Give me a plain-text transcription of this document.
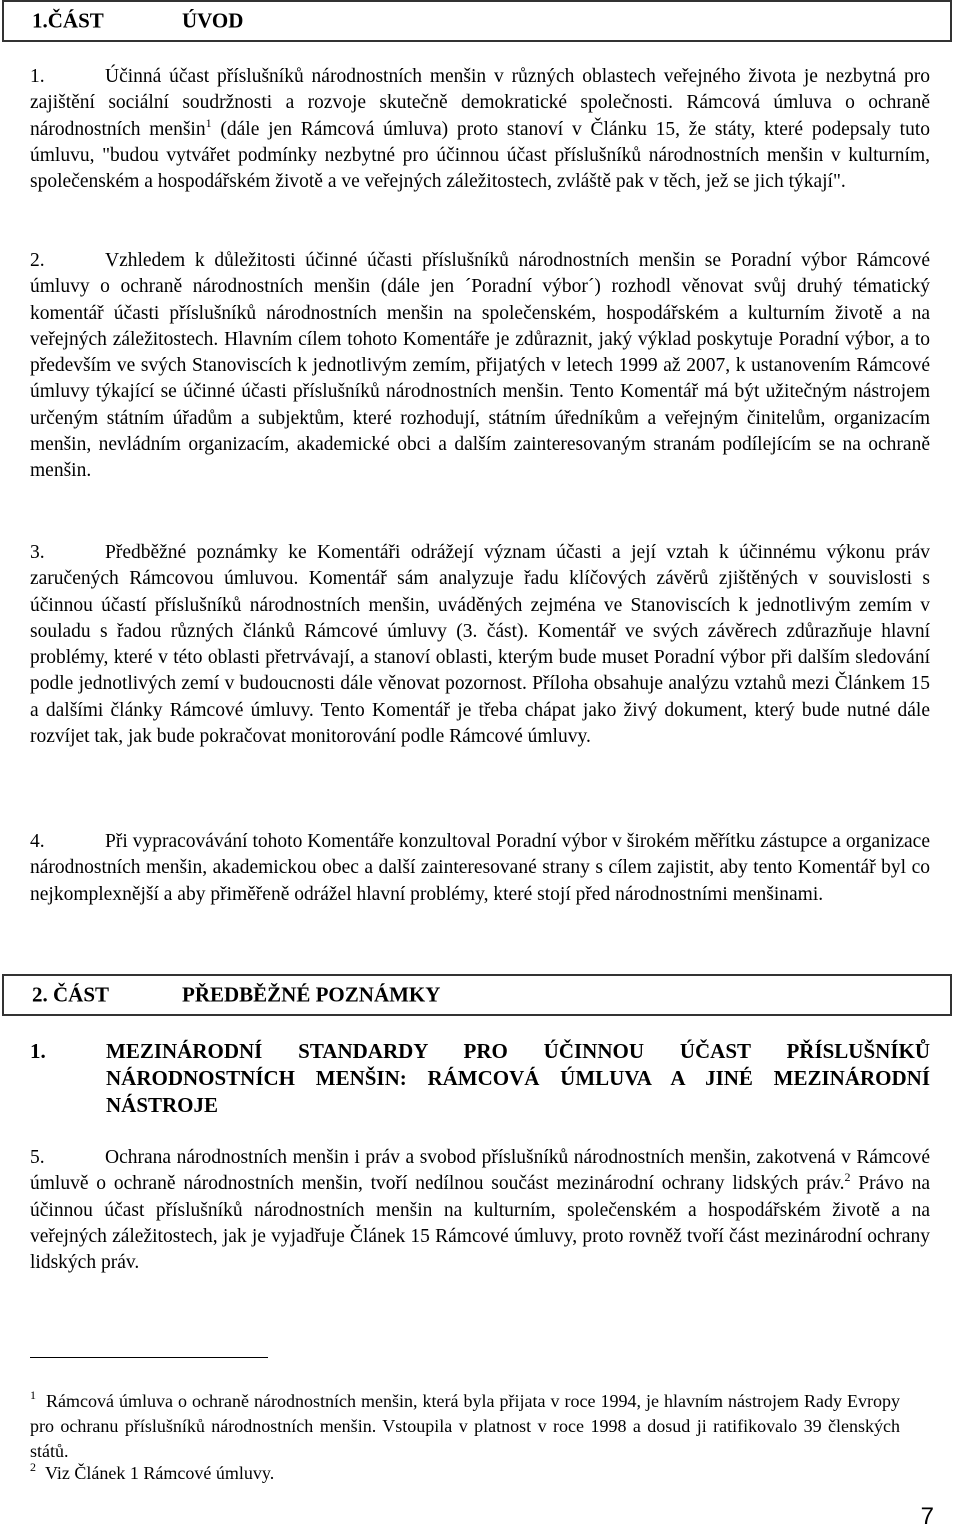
1.ČÁST	ÚVOD

1.	Účinná účast příslušníků národnostních menšin v různých oblastech veřejného života je nezbytná pro zajištění sociální soudržnosti a rozvoje skutečně demokratické společnosti. Rámcová úmluva o ochraně národnostních menšin$^1$ (dále jen Rámcová úmluva) proto stanoví v Článku 15, že státy, které podepsaly tuto úmluvu, "budou vytvářet podmínky nezbytné pro účinnou účast příslušníků národnostních menšin v kulturním, společenském a hospodářském životě a ve veřejných záležitostech, zvláště pak v těch, jež se jich týkají".

2.	Vzhledem k důležitosti účinné účasti příslušníků národnostních menšin se Poradní výbor Rámcové úmluvy o ochraně národnostních menšin (dále jen ´Poradní výbor´) rozhodl věnovat svůj druhý tématický komentář účasti příslušníků národnostních menšin na společenském, hospodářském a kulturním životě a na veřejných záležitostech. Hlavním cílem tohoto Komentáře je zdůraznit, jaký výklad poskytuje Poradní výbor, a to především ve svých Stanoviscích k jednotlivým zemím, přijatých v letech 1999 až 2007, k ustanovením Rámcové úmluvy týkající se účinné účasti příslušníků národnostních menšin. Tento Komentář má být užitečným nástrojem určeným státním úřadům a subjektům, které rozhodují, státním úředníkům a veřejným činitelům, organizacím menšin, nevládním organizacím, akademické obci a dalším zainteresovaným stranám podílejícím se na ochraně menšin.

3.	Předběžné poznámky ke Komentáři odrážejí význam účasti a její vztah k účinnému výkonu práv zaručených Rámcovou úmluvou. Komentář sám analyzuje řadu klíčových závěrů zjištěných v souvislosti s účinnou účastí příslušníků národnostních menšin, uváděných zejména ve Stanoviscích k jednotlivým zemím v souladu s řadou různých článků Rámcové úmluvy (3. část). Komentář ve svých závěrech zdůrazňuje hlavní problémy, které v této oblasti přetrvávají, a stanoví oblasti, kterým bude muset Poradní výbor při dalším sledování podle jednotlivých zemí v budoucnosti dále věnovat pozornost. Příloha obsahuje analýzu vztahů mezi Článkem 15 a dalšími články Rámcové úmluvy. Tento Komentář je třeba chápat jako živý dokument, který bude nutné dále rozvíjet tak, jak bude pokračovat monitorování podle Rámcové úmluvy.

4.	Při vypracovávání tohoto Komentáře konzultoval Poradní výbor v širokém měřítku zástupce a organizace národnostních menšin, akademickou obec a další zainteresované strany s cílem zajistit, aby tento Komentář byl co nejkomplexnější a aby přiměřeně odrážel hlavní problémy, které stojí před národnostními menšinami.

2. ČÁST	PŘEDBĚŽNÉ POZNÁMKY
1.	MEZINÁRODNÍ STANDARDY PRO ÚČINNOU ÚČAST PŘÍSLUŠNÍKŮ NÁRODNOSTNÍCH MENŠIN: RÁMCOVÁ ÚMLUVA A JINÉ MEZINÁRODNÍ NÁSTROJE

5.	Ochrana národnostních menšin i práv a svobod příslušníků národnostních menšin, zakotvená v Rámcové úmluvě o ochraně národnostních menšin, tvoří nedílnou součást mezinárodní ochrany lidských práv.$^2$ Právo na účinnou účast příslušníků národnostních menšin na kulturním, společenském a hospodářském životě a na veřejných záležitostech, jak je vyjadřuje Článek 15 Rámcové úmluvy, proto rovněž tvoří část mezinárodní ochrany lidských práv.

$^1$ Rámcová úmluva o ochraně národnostních menšin, která byla přijata v roce 1994, je hlavním nástrojem Rady Evropy pro ochranu příslušníků národnostních menšin. Vstoupila v platnost v roce 1998 a dosud ji ratifikovalo 39 členských států.

$^2$ Viz Článek 1 Rámcové úmluvy.

7
